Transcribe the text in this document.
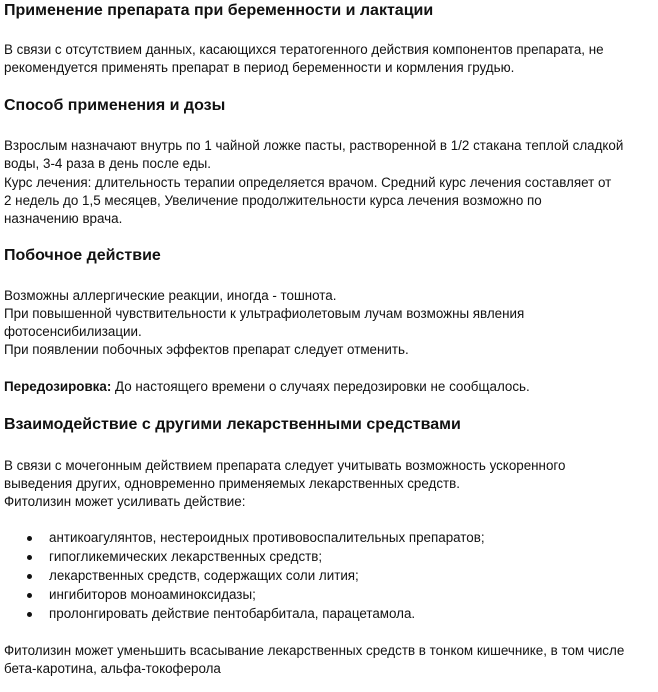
Применение препарата при беременности и лактации

В связи с отсутствием данных, касающихся тератогенного действия компонентов препарата, не

рекомендуется применять препарат в период беременности и кормления грудью.

Способ применения и дозы

Взрослым назначают внутрь по 1 чайной ложке пасты, растворенной в 1/2 стакана теплой сладкой

воды, 3-4 раза в день после еды.

Курс лечения: длительность терапии определяется врачом. Средний курс лечения составляет от

2 недель до 1,5 месяцев, Увеличение продолжительности курса лечения возможно по

назначению врача.

Побочное действие

Возможны аллергические реакции, иногда - тошнота.

При повышенной чувствительности к ультрафиолетовым лучам возможны явления

фотосенсибилизации.

При появлении побочных эффектов препарат следует отменить.

Передозировка: До настоящего времени о случаях передозировки не сообщалось.

Взаимодействие с другими лекарственными средствами

В связи с мочегонным действием препарата следует учитывать возможность ускоренного

выведения других, одновременно применяемых лекарственных средств.

Фитолизин может усиливать действие:

антикоагулянтов, нестероидных противовоспалительных препаратов;

гипогликемических лекарственных средств;

лекарственных средств, содержащих соли лития;

ингибиторов моноаминоксидазы;

пролонгировать действие пентобарбитала, парацетамола.

Фитолизин может уменьшить всасывание лекарственных средств в тонком кишечнике, в том числе

бета-каротина, альфа-токоферола
